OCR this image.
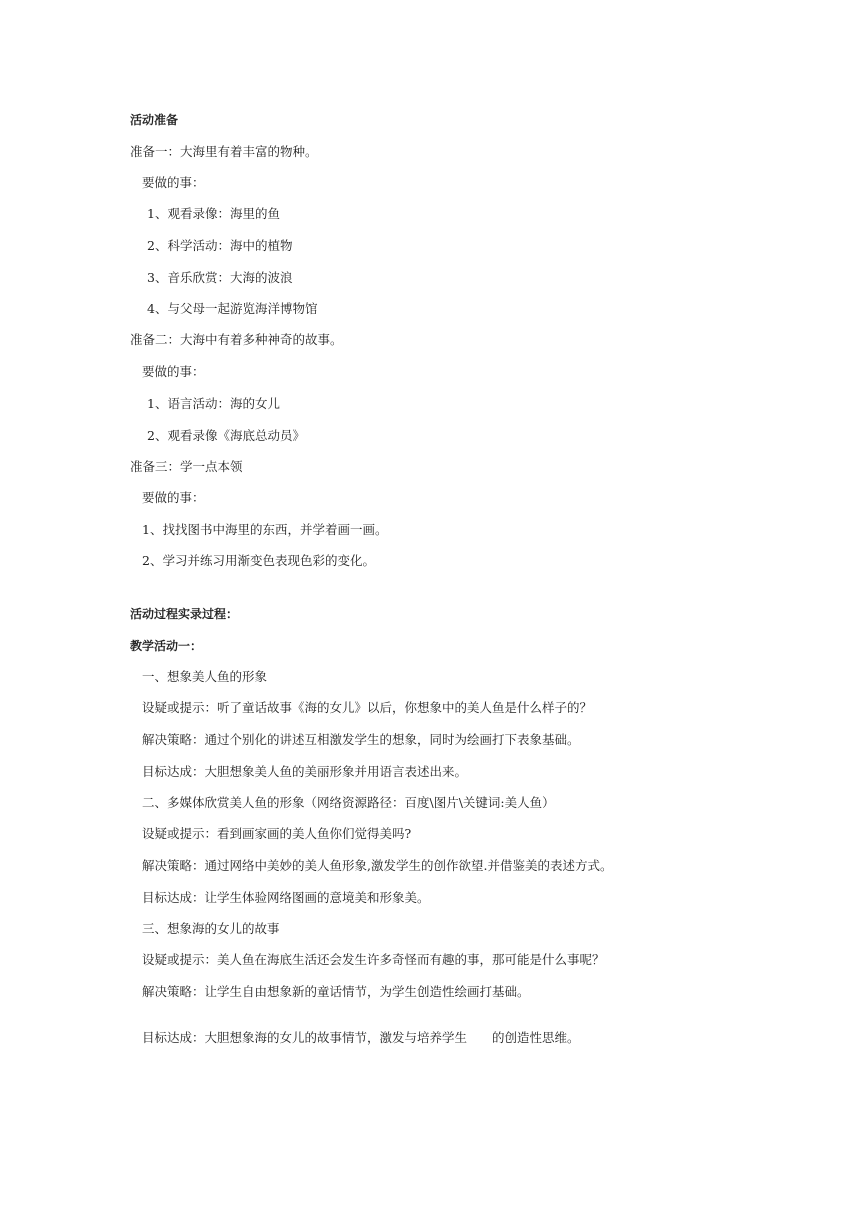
活动准备
准备一：大海里有着丰富的物种。
要做的事：
1、观看录像：海里的鱼
2、科学活动：海中的植物
3、音乐欣赏：大海的波浪
4、与父母一起游览海洋博物馆
准备二：大海中有着多种神奇的故事。
要做的事：
1、语言活动：海的女儿
2、观看录像《海底总动员》
准备三：学一点本领
要做的事：
1、找找图书中海里的东西，并学着画一画。
2、学习并练习用渐变色表现色彩的变化。
活动过程实录过程：
教学活动一：
一、想象美人鱼的形象
设疑或提示：听了童话故事《海的女儿》以后，你想象中的美人鱼是什么样子的？
解决策略：通过个别化的讲述互相激发学生的想象，同时为绘画打下表象基础。
目标达成：大胆想象美人鱼的美丽形象并用语言表述出来。
二、多媒体欣赏美人鱼的形象（网络资源路径：百度\图片\关键词:美人鱼）
设疑或提示：看到画家画的美人鱼你们觉得美吗?
解决策略：通过网络中美妙的美人鱼形象,激发学生的创作欲望.并借鉴美的表述方式。
目标达成：让学生体验网络图画的意境美和形象美。
三、想象海的女儿的故事
设疑或提示：美人鱼在海底生活还会发生许多奇怪而有趣的事，那可能是什么事呢？
解决策略：让学生自由想象新的童话情节，为学生创造性绘画打基础。
目标达成：大胆想象海的女儿的故事情节，激发与培养学生　　的创造性思维。
